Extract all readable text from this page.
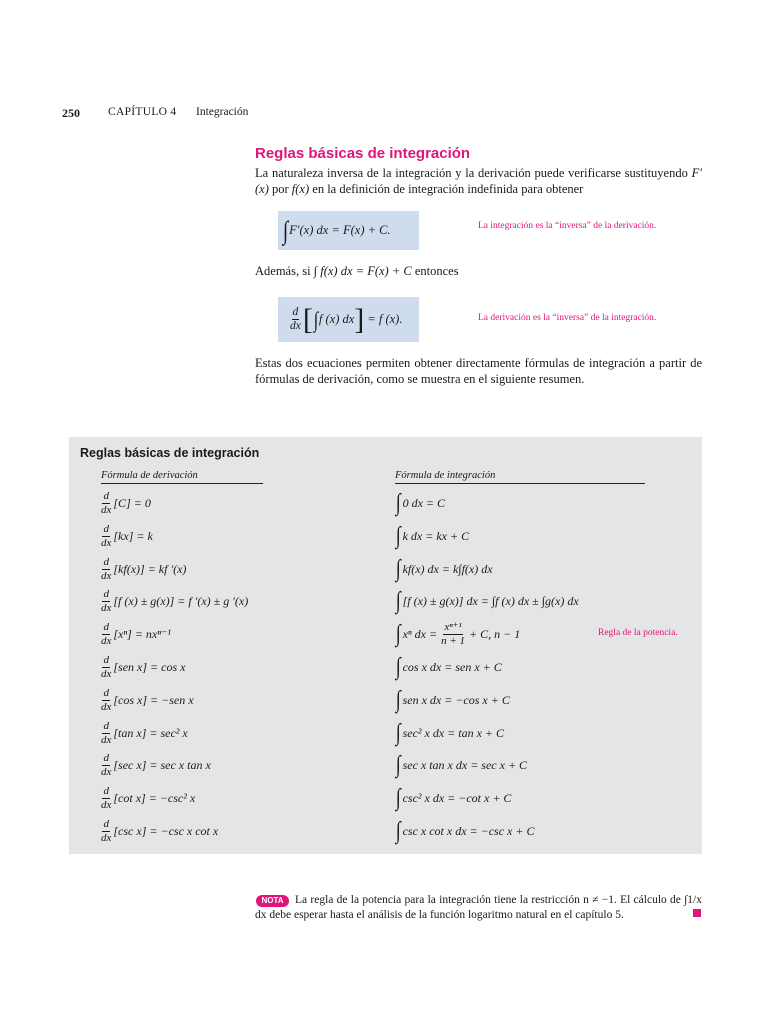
250 CAPÍTULO 4 Integración
Reglas básicas de integración
La naturaleza inversa de la integración y la derivación puede verificarse sustituyendo F′(x) por f(x) en la definición de integración indefinida para obtener
∫ F′(x) dx = F(x) + C.	La integración es la “inversa” de la derivación.
Además, si ∫ f(x) dx = F(x) + C entonces
$\frac{d}{dx}$ [ ∫ f (x) dx ] = f (x).	La derivación es la “inversa” de la integración.
Estas dos ecuaciones permiten obtener directamente fórmulas de integración a partir de fórmulas de derivación, como se muestra en el siguiente resumen.
Reglas básicas de integración
Fórmula de derivación	Fórmula de integración
$\frac{d}{dx} [C] = 0$	∫ 0 dx = C
$\frac{d}{dx} [kx] = k$	∫ k dx = kx + C
$\frac{d}{dx} [kf(x)]$ = kf ′(x)	∫ kf(x) dx = k∫f(x) dx
$\frac{d}{dx} [f$ (x) ± g(x)] = f ′(x) ± g ′(x)	∫ [f (x) ± g(x)] dx = ∫f (x) dx ± ∫g(x) dx
$\frac{d}{dx} [x^n] = nx^{n-1}$	∫ xⁿ dx = $\frac{\text{xⁿ⁺¹}}{n + 1} + C$, n − 1	Regla de la potencia.
$\frac{d}{dx} [sen$ x] = cos x	∫ cos x dx = sen x + C
$\frac{d}{dx} [\cos$ x] = −sen x	∫ sen x dx = −cos x + C
$\frac{d}{dx} [\tan$ x] = sec² x	∫ sec² x dx = tan x + C
$\frac{d}{dx} [\sec$ x] = sec x tan x	∫ sec x tan x dx = sec x + C
$\frac{d}{dx} [\cot$ x] = −csc² x	∫ csc² x dx = −cot x + C
$\frac{d}{dx} [\csc$ x] = −csc x cot x	∫ csc x cot x dx = −csc x + C
La regla de la potencia para la integración tiene la restricción n ≠ −1. El cálculo de ∫1/x dx debe esperar hasta el análisis de la función logaritmo natural en el capítulo 5.
NOTA
